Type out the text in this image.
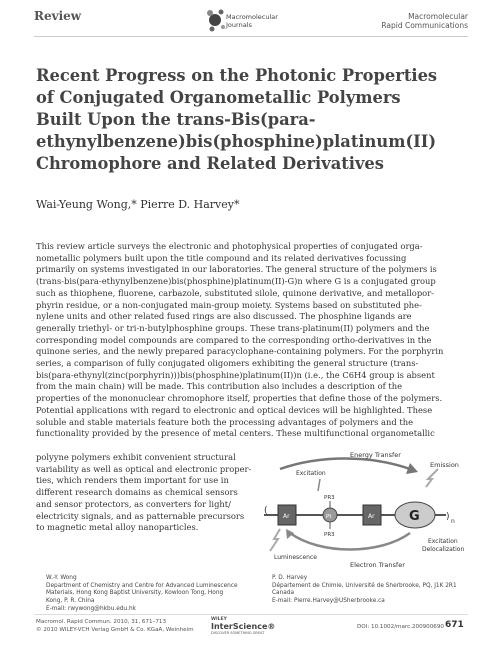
Review	Macromolecular
Journals
Macromolecular
Rapid Communications
Recent Progress on the Photonic Properties
of Conjugated Organometallic Polymers
Built Upon the trans-Bis(para-
ethynylbenzene)bis(phosphine)platinum(II)
Chromophore and Related Derivatives
Wai-Yeung Wong,* Pierre D. Harvey*

This review article surveys the electronic and photophysical properties of conjugated orga-

nometallic polymers built upon the title compound and its related derivatives focussing

primarily on systems investigated in our laboratories. The general structure of the polymers is

(trans-bis(para-ethynylbenzene)bis(phosphine)platinum(II)-G)n where G is a conjugated group

such as thiophene, fluorene, carbazole, substituted silole, quinone derivative, and metallopor-

phyrin residue, or a non-conjugated main-group moiety. Systems based on substituted phe-

nylene units and other related fused rings are also discussed. The phosphine ligands are

generally triethyl- or tri-n-butylphosphine groups. These trans-platinum(II) polymers and the

corresponding model compounds are compared to the corresponding ortho-derivatives in the

quinone series, and the newly prepared paracyclophane-containing polymers. For the porphyrin

series, a comparison of fully conjugated oligomers exhibiting the general structure (trans-

bis(para-ethynyl(zinc(porphyrin)))bis(phosphine)platinum(II))n (i.e., the C6H4 group is absent

from the main chain) will be made. This contribution also includes a description of the

properties of the mononuclear chromophore itself, properties that define those of the polymers.

Potential applications with regard to electronic and optical devices will be highlighted. These

soluble and stable materials feature both the processing advantages of polymers and the

functionality provided by the presence of metal centers. These multifunctional organometallic

polyyne polymers exhibit convenient structural
variability as well as optical and electronic proper-
ties, which renders them important for use in
different research domains as chemical sensors
and sensor protectors, as converters for light/
electricity signals, and as patternable precursors
to magnetic metal alloy nanoparticles.
Energy Transfer
Emission
Excitation
(
Ar
PR3
Pt
PR3
Ar	G	) n
Luminescence
Electron Transfer
Excitation
Delocalization
W.-Y. Wong
Department of Chemistry and Centre for Advanced Luminescence
Materials, Hong Kong Baptist University, Kowloon Tong, Hong
Kong, P. R. China
E-mail: rwywong@hkbu.edu.hk
P. D. Harvey
Département de Chimie, Université de Sherbrooke, PQ, J1K 2R1
Canada
E-mail: Pierre.Harvey@USherbrooke.ca
Macromol. Rapid Commun. 2010, 31, 671–713
© 2010 WILEY-VCH Verlag GmbH & Co. KGaA, Weinheim
WILEY
InterScience®
DISCOVER SOMETHING GREAT
DOI: 10.1002/marc.200900690 671
